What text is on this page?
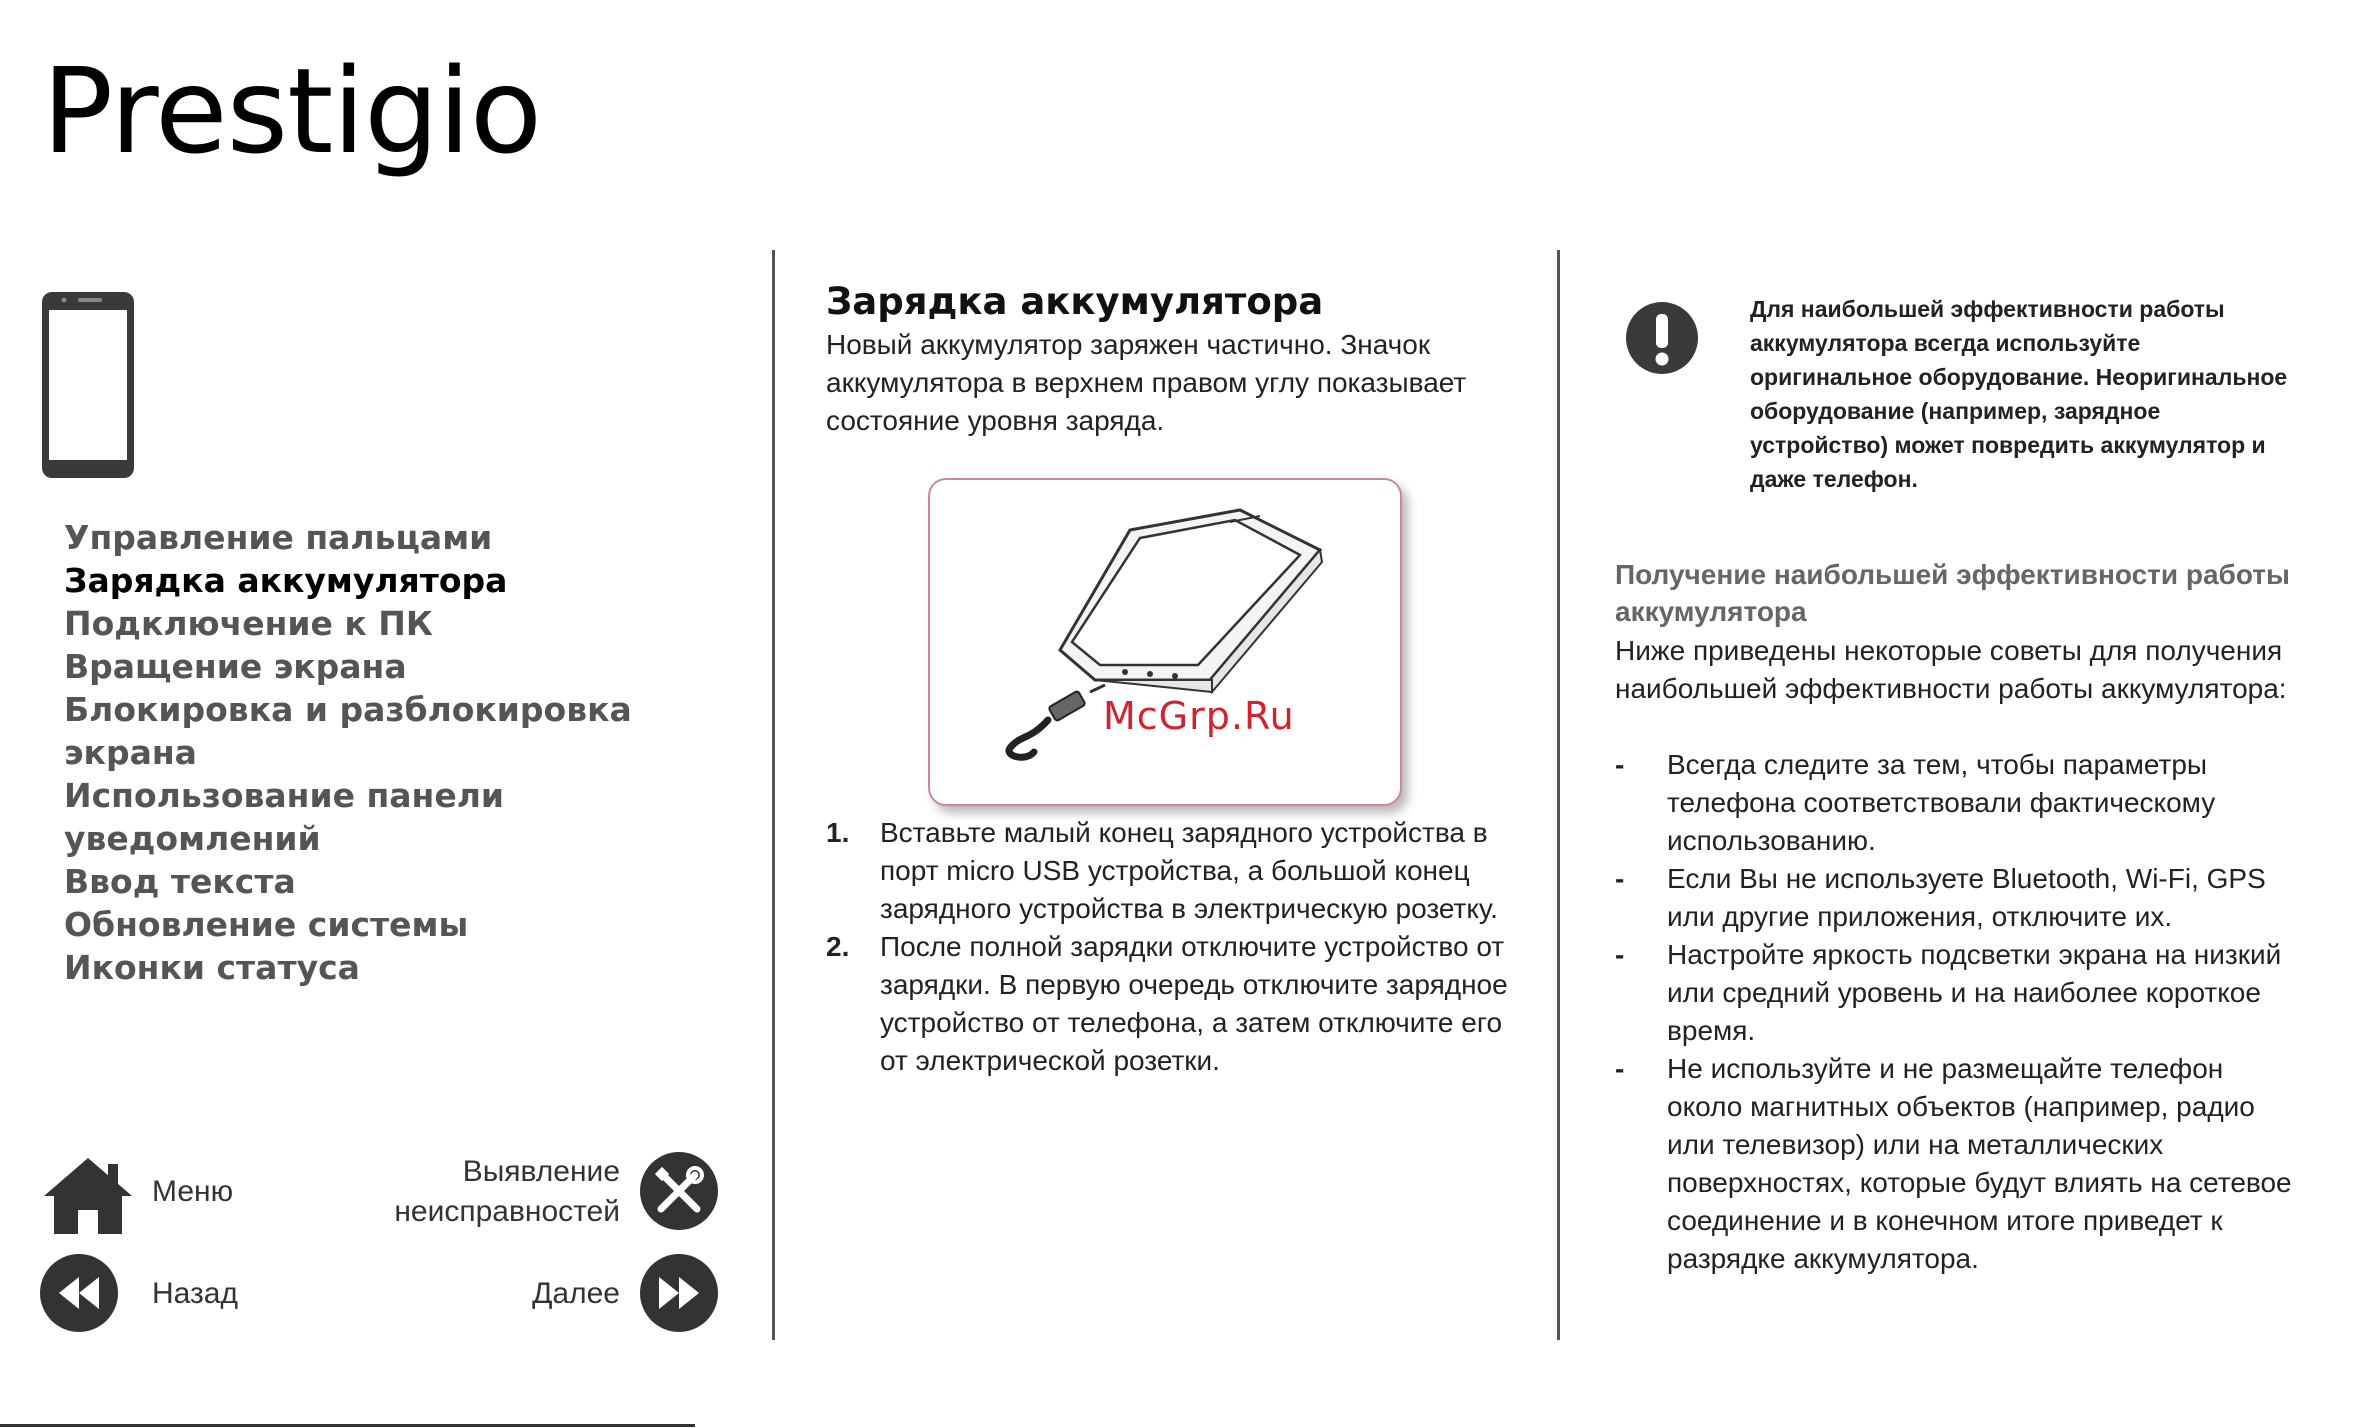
Prestigio
Управление пальцами
Зарядка аккумулятора
Подключение к ПК
Вращение экрана
Блокировка и разблокировка экрана
Использование панели
уведомлений
Ввод текста
Обновление системы
Иконки статуса
Меню
Выявление
неисправностей
Назад	Далее
Зарядка аккумулятора

Новый аккумулятор заряжен частично. Значок аккумулятора в верхнем правом углу показывает состояние уровня заряда.

McGrp.Ru
1. Вставьте малый конец зарядного устройства в порт micro USB устройства, а большой конец зарядного устройства в электрическую розетку.
2. После полной зарядки отключите устройство от зарядки. В первую очередь отключите зарядное устройство от телефона, а затем отключите его от электрической розетки.

Для наибольшей эффективности работы аккумулятора всегда используйте оригинальное оборудование. Неоригинальное оборудование (например, зарядное устройство) может повредить аккумулятор и даже телефон.

Получение наибольшей эффективности работы аккумулятора

Ниже приведены некоторые советы для получения наибольшей эффективности работы аккумулятора:

- Всегда следите за тем, чтобы параметры телефона соответствовали фактическому использованию.
- Если Вы не используете Bluetooth, Wi-Fi, GPS или другие приложения, отключите их.
- Настройте яркость подсветки экрана на низкий или средний уровень и на наиболее короткое время.
- Не используйте и не размещайте телефон около магнитных объектов (например, радио или телевизор) или на металлических поверхностях, которые будут влиять на сетевое соединение и в конечном итоге приведет к разрядке аккумулятора.
